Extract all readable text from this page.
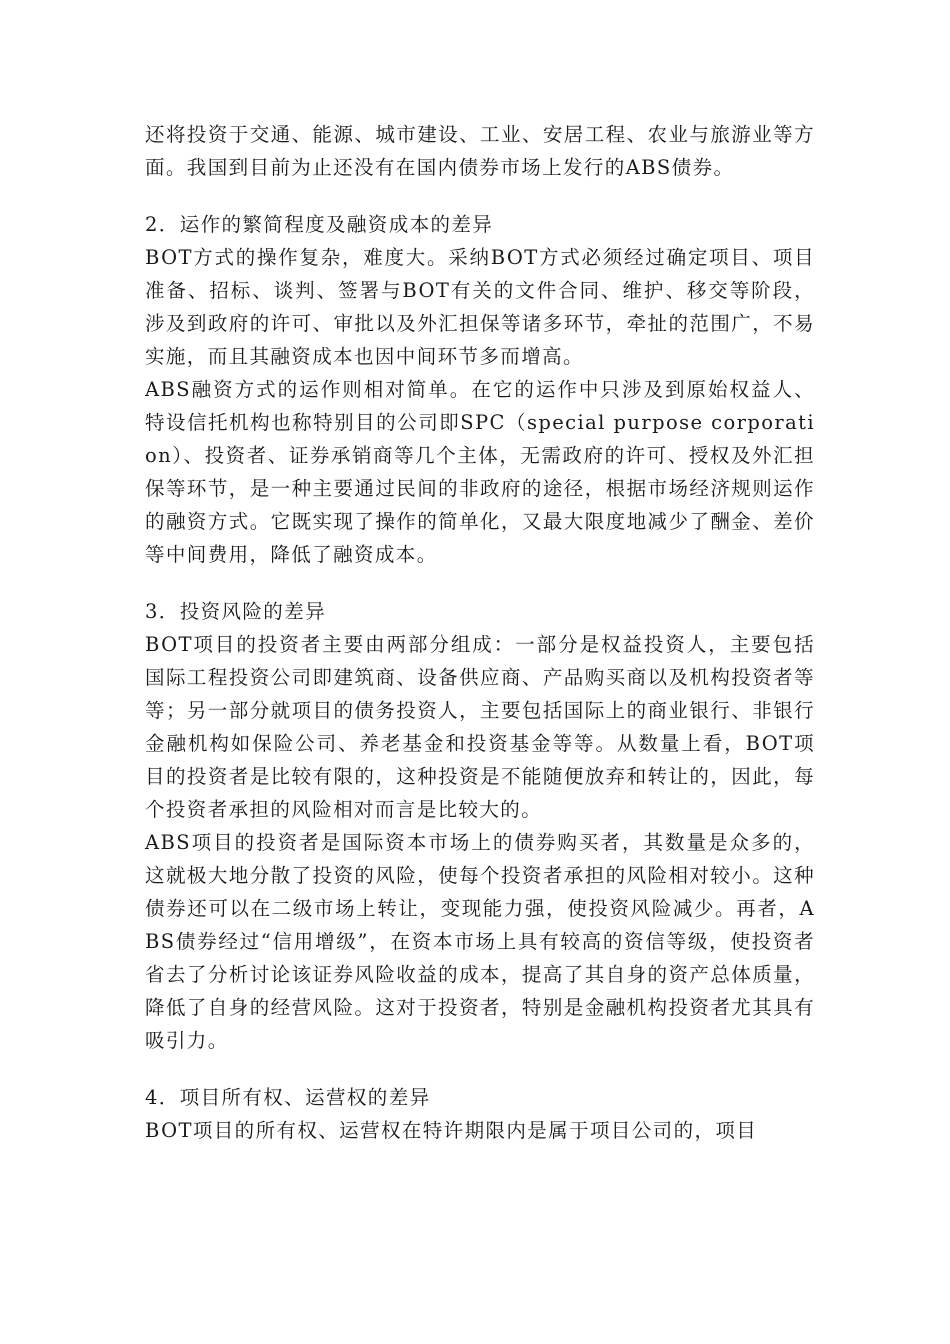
还将投资于交通、能源、城市建设、工业、安居工程、农业与旅游业等方面。我国到目前为止还没有在国内债券市场上发行的ABS债券。

2．运作的繁简程度及融资成本的差异

BOT方式的操作复杂，难度大。采纳BOT方式必须经过确定项目、项目准备、招标、谈判、签署与BOT有关的文件合同、维护、移交等阶段，涉及到政府的许可、审批以及外汇担保等诸多环节，牵扯的范围广，不易实施，而且其融资成本也因中间环节多而增高。

ABS融资方式的运作则相对简单。在它的运作中只涉及到原始权益人、特设信托机构也称特别目的公司即SPC（special purpose corporation）、投资者、证券承销商等几个主体，无需政府的许可、授权及外汇担保等环节，是一种主要通过民间的非政府的途径，根据市场经济规则运作的融资方式。它既实现了操作的简单化，又最大限度地减少了酬金、差价等中间费用，降低了融资成本。

3．投资风险的差异

BOT项目的投资者主要由两部分组成：一部分是权益投资人，主要包括国际工程投资公司即建筑商、设备供应商、产品购买商以及机构投资者等等；另一部分就项目的债务投资人，主要包括国际上的商业银行、非银行金融机构如保险公司、养老基金和投资基金等等。从数量上看，BOT项目的投资者是比较有限的，这种投资是不能随便放弃和转让的，因此，每个投资者承担的风险相对而言是比较大的。

ABS项目的投资者是国际资本市场上的债券购买者，其数量是众多的，这就极大地分散了投资的风险，使每个投资者承担的风险相对较小。这种债券还可以在二级市场上转让，变现能力强，使投资风险减少。再者，ABS债券经过“信用增级”，在资本市场上具有较高的资信等级，使投资者省去了分析讨论该证券风险收益的成本，提高了其自身的资产总体质量，降低了自身的经营风险。这对于投资者，特别是金融机构投资者尤其具有吸引力。

4．项目所有权、运营权的差异

BOT项目的所有权、运营权在特许期限内是属于项目公司的，项目
